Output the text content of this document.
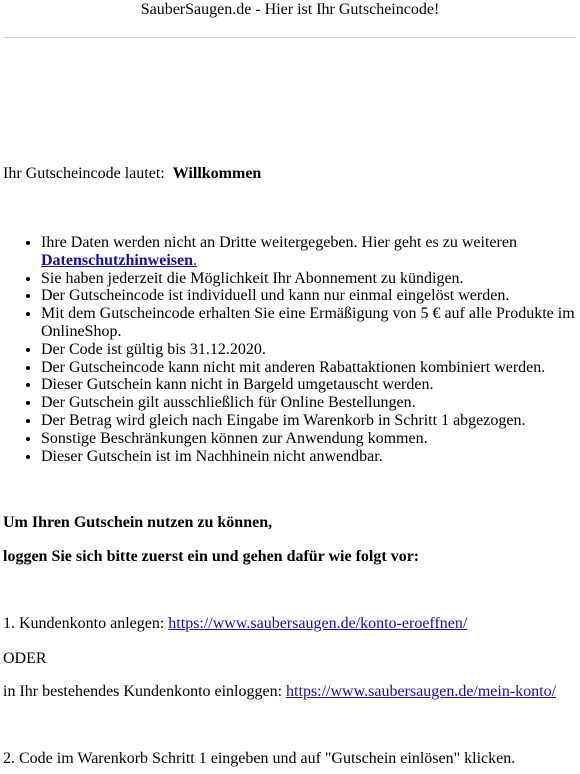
SauberSaugen.de - Hier ist Ihr Gutscheincode!
Ihr Gutscheincode lautet: Willkommen
• Ihre Daten werden nicht an Dritte weitergegeben. Hier geht es zu weiteren Datenschutzhinweisen.
• Sie haben jederzeit die Möglichkeit Ihr Abonnement zu kündigen.
• Der Gutscheincode ist individuell und kann nur einmal eingelöst werden.
• Mit dem Gutscheincode erhalten Sie eine Ermäßigung von 5 € auf alle Produkte im OnlineShop.
• Der Code ist gültig bis 31.12.2020.
• Der Gutscheincode kann nicht mit anderen Rabattaktionen kombiniert werden.
• Dieser Gutschein kann nicht in Bargeld umgetauscht werden.
• Der Gutschein gilt ausschließlich für Online Bestellungen.
• Der Betrag wird gleich nach Eingabe im Warenkorb in Schritt 1 abgezogen.
• Sonstige Beschränkungen können zur Anwendung kommen.
• Dieser Gutschein ist im Nachhinein nicht anwendbar.
Um Ihren Gutschein nutzen zu können,
loggen Sie sich bitte zuerst ein und gehen dafür wie folgt vor:
1. Kundenkonto anlegen: https://www.saubersaugen.de/konto-eroeffnen/
ODER
in Ihr bestehendes Kundenkonto einloggen: https://www.saubersaugen.de/mein-konto/
2. Code im Warenkorb Schritt 1 eingeben und auf "Gutschein einlösen" klicken.
